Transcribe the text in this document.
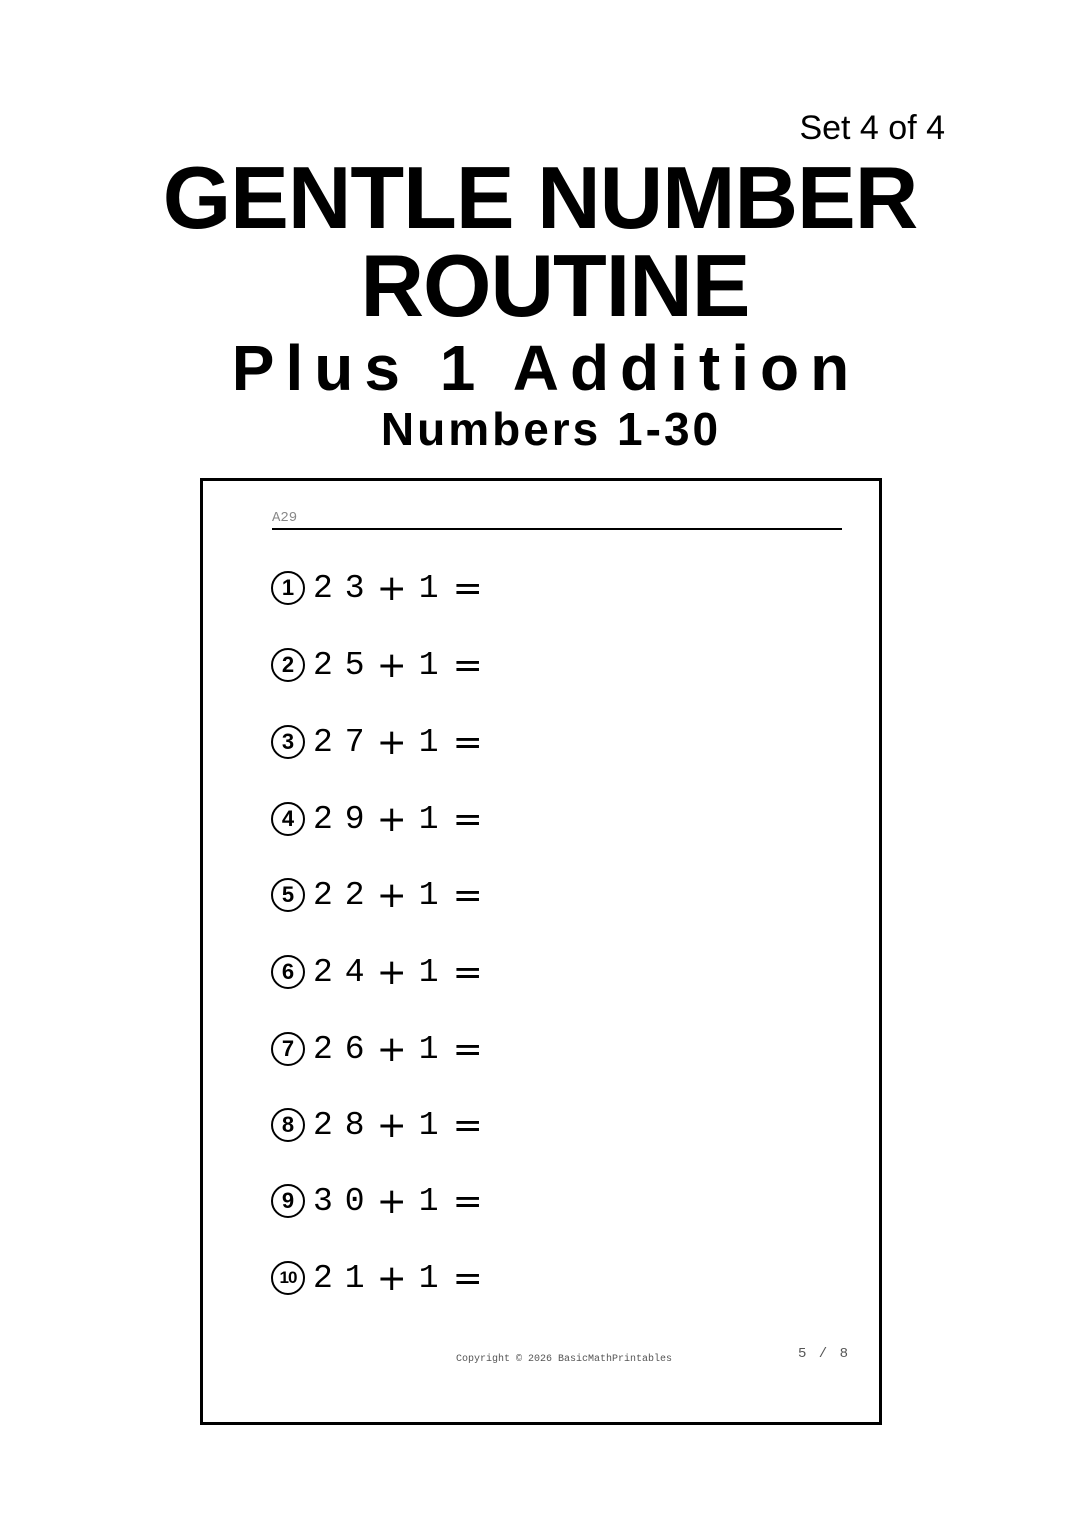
Set 4 of 4
GENTLE NUMBER
ROUTINE
Plus 1 Addition
Numbers 1-30
A29
1 23 + 1 =
2 25 + 1 =
3 27 + 1 =
4 29 + 1 =
5 22 + 1 =
6 24 + 1 =
7 26 + 1 =
8 28 + 1 =
9 30 + 1 =
10 21 + 1 =
Copyright © 2026 BasicMathPrintables	5 / 8
